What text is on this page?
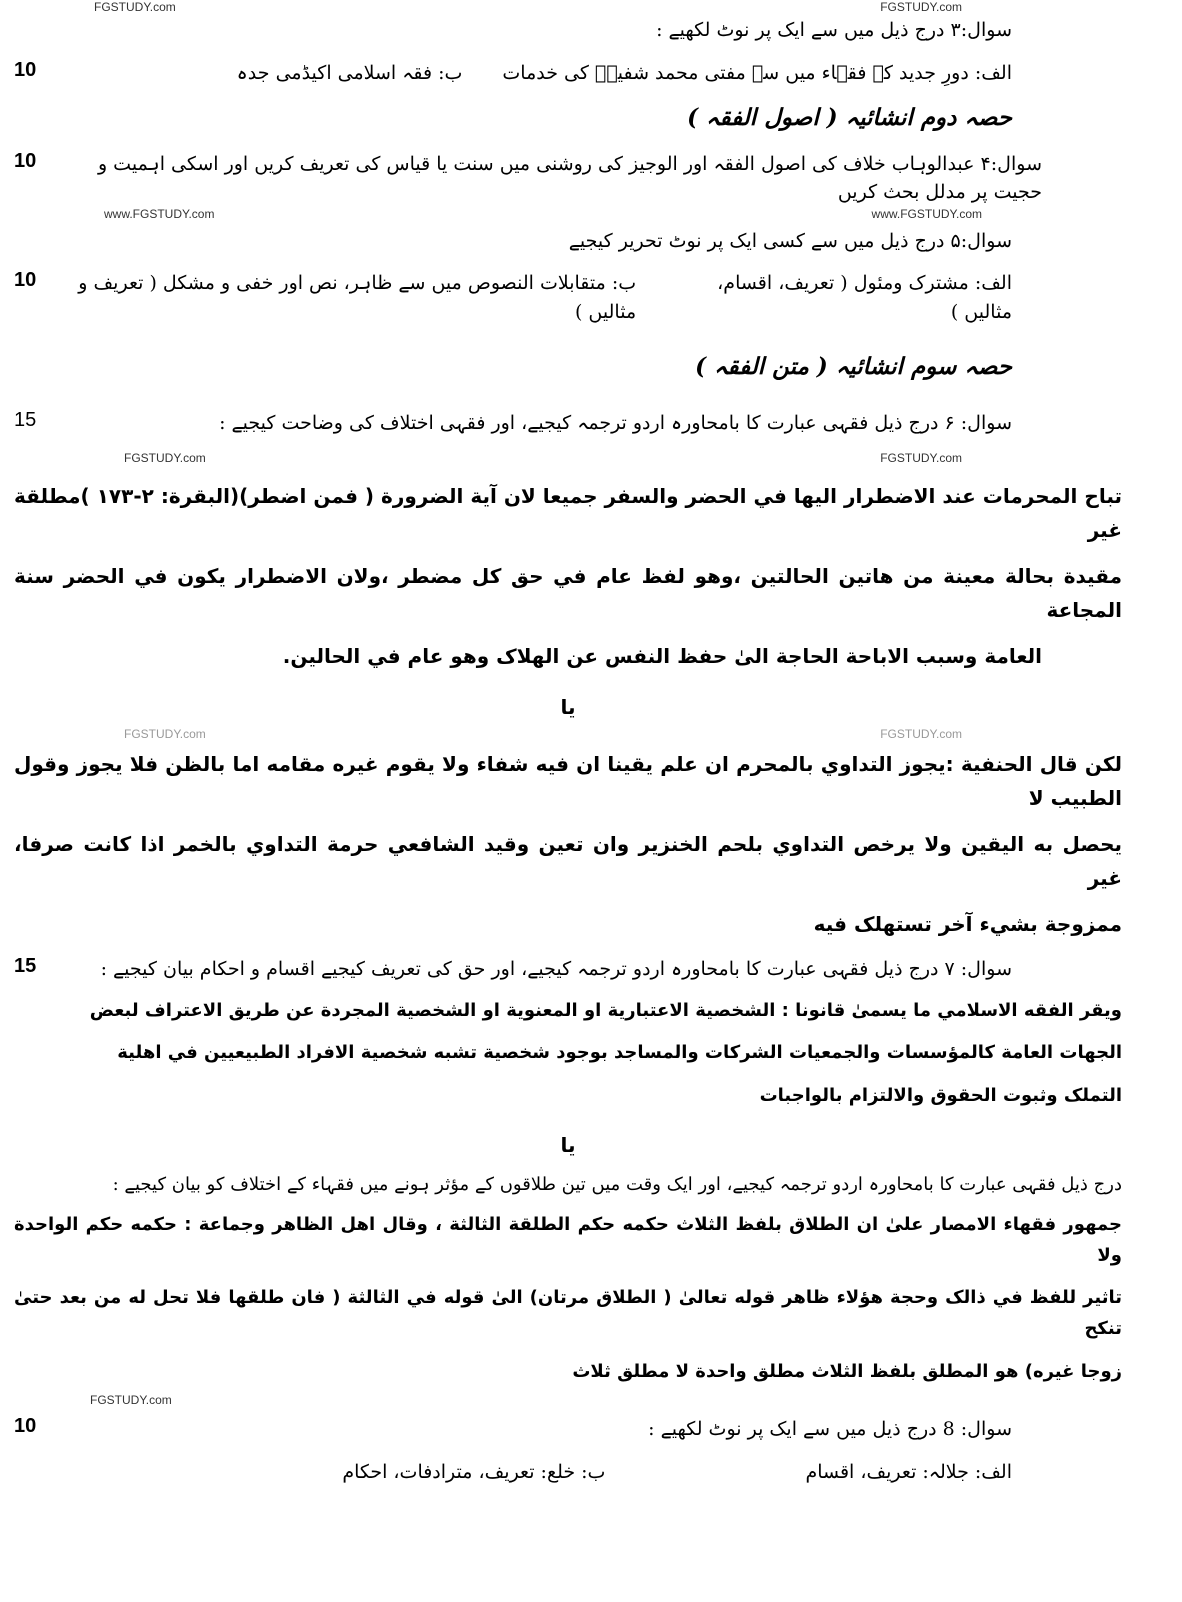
FGSTUDY.com	FGSTUDY.com
سوال:۳ درج ذیل میں سے ایک پر نوٹ لکھیے :
الف: دورِ جدید کے فقہاء میں سے مفتی محمد شفیعؒ کی خدمات
ب: فقہ اسلامی اکیڈمی جدہ
10
حصہ دوم انشائیہ ( اصول الفقہ )
سوال:۴ عبدالوہاب خلاف کی اصول الفقہ اور الوجیز کی روشنی میں سنت یا قیاس کی تعریف کریں اور اسکی اہمیت و حجیت پر مدلل بحث کریں
10
www.FGSTUDY.com	www.FGSTUDY.com
سوال:۵ درج ذیل میں سے کسی ایک پر نوٹ تحریر کیجیے
الف: مشترک ومئول ( تعریف، اقسام، مثالیں )
ب: متقابلات النصوص میں سے ظاہر، نص اور خفی و مشکل ( تعریف و مثالیں )
10
حصہ سوم انشائیہ ( متن الفقہ )
سوال: ۶ درج ذیل فقہی عبارت کا بامحاورہ اردو ترجمہ کیجیے، اور فقہی اختلاف کی وضاحت کیجیے :
15
FGSTUDY.com	FGSTUDY.com
تباح المحرمات عند الاضطرار اليها في الحضر والسفر جميعا لان آية الضرورة ( فمن اضطر)(البقرة: ٢-١٧٣ )مطلقة غير
مقيدة بحالة معينة من هاتين الحالتين ،وهو لفظ عام في حق كل مضطر ،ولان الاضطرار يكون في الحضر سنة المجاعة
العامة وسبب الاباحة الحاجة الىٰ حفظ النفس عن الهلاک وهو عام في الحالين.
یا
FGSTUDY.com	FGSTUDY.com
لكن قال الحنفية :يجوز التداوي بالمحرم ان علم يقينا ان فيه شفاء ولا يقوم غيره مقامه اما بالظن فلا يجوز وقول الطبيب لا
يحصل به اليقين ولا يرخص التداوي بلحم الخنزير وان تعين وقيد الشافعي حرمة التداوي بالخمر اذا كانت صرفا، غير
ممزوجة بشيء آخر تستهلک فيه
سوال: ۷ درج ذیل فقہی عبارت کا بامحاورہ اردو ترجمہ کیجیے، اور حق کی تعریف کیجیے اقسام و احکام بیان کیجیے :
15
ويقر الفقه الاسلامي ما يسمىٰ قانونا : الشخصية الاعتبارية او المعنوية او الشخصية المجردة عن طريق الاعتراف لبعض
الجهات العامة كالمؤسسات والجمعيات الشركات والمساجد بوجود شخصية تشبه شخصية الافراد الطبيعيين في اهلية
التملک وثبوت الحقوق والالتزام بالواجبات
یا
درج ذیل فقہی عبارت کا بامحاورہ اردو ترجمہ کیجیے، اور ایک وقت میں تین طلاقوں کے مؤثر ہونے میں فقہاء کے اختلاف کو بیان کیجیے :
جمهور فقهاء الامصار علىٰ ان الطلاق بلفظ الثلاث حكمه حكم الطلقة الثالثة ، وقال اهل الظاهر وجماعة : حكمه حكم الواحدة ولا
تاثير للفظ في ذالک وحجة هؤلاء ظاهر قوله تعالىٰ ( الطلاق مرتان) الىٰ قوله في الثالثة ( فان طلقها فلا تحل له من بعد حتىٰ تنكح
زوجا غيره) هو المطلق بلفظ الثلاث مطلق واحدة لا مطلق ثلاث
FGSTUDY.com
سوال: 8 درج ذیل میں سے ایک پر نوٹ لکھیے :
10
الف: جلالہ: تعریف، اقسام
ب: خلع: تعریف، مترادفات، احکام
